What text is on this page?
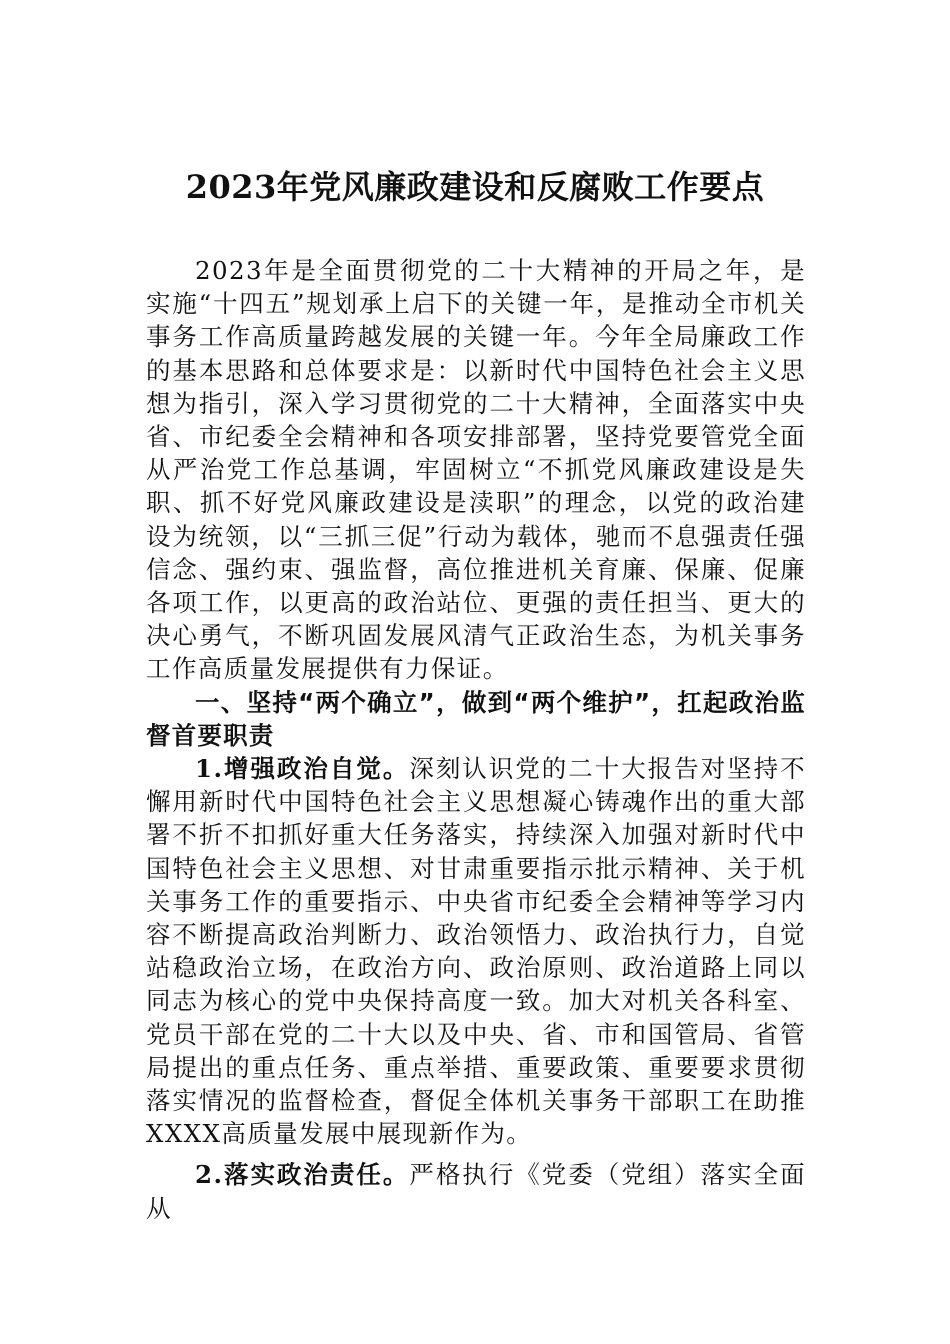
2023年党风廉政建设和反腐败工作要点

2023年是全面贯彻党的二十大精神的开局之年，是实施“十四五”规划承上启下的关键一年，是推动全市机关事务工作高质量跨越发展的关键一年。今年全局廉政工作的基本思路和总体要求是：以新时代中国特色社会主义思想为指引，深入学习贯彻党的二十大精神，全面落实中央省、市纪委全会精神和各项安排部署，坚持党要管党全面从严治党工作总基调，牢固树立“不抓党风廉政建设是失职、抓不好党风廉政建设是渎职”的理念，以党的政治建设为统领，以“三抓三促”行动为载体，驰而不息强责任强信念、强约束、强监督，高位推进机关育廉、保廉、促廉各项工作，以更高的政治站位、更强的责任担当、更大的决心勇气，不断巩固发展风清气正政治生态，为机关事务工作高质量发展提供有力保证。

一、坚持“两个确立”，做到“两个维护”，扛起政治监督首要职责

1.增强政治自觉。深刻认识党的二十大报告对坚持不懈用新时代中国特色社会主义思想凝心铸魂作出的重大部署不折不扣抓好重大任务落实，持续深入加强对新时代中国特色社会主义思想、对甘肃重要指示批示精神、关于机关事务工作的重要指示、中央省市纪委全会精神等学习内容不断提高政治判断力、政治领悟力、政治执行力，自觉站稳政治立场，在政治方向、政治原则、政治道路上同以同志为核心的党中央保持高度一致。加大对机关各科室、党员干部在党的二十大以及中央、省、市和国管局、省管局提出的重点任务、重点举措、重要政策、重要要求贯彻落实情况的监督检查，督促全体机关事务干部职工在助推XXXX高质量发展中展现新作为。

2.落实政治责任。严格执行《党委（党组）落实全面从
